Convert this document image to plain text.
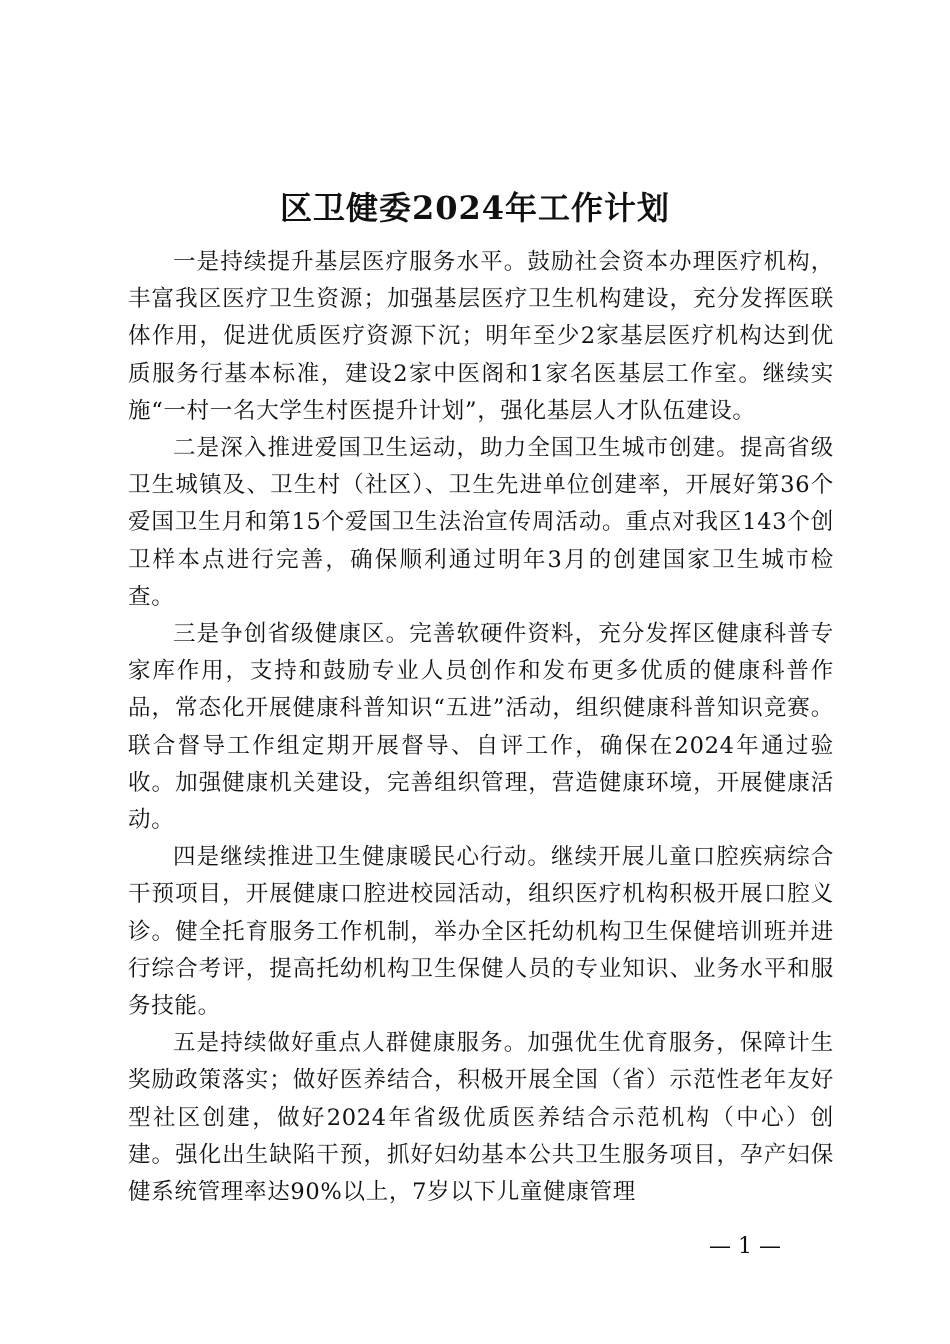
区卫健委2024年工作计划

一是持续提升基层医疗服务水平。鼓励社会资本办理医疗机构，丰富我区医疗卫生资源；加强基层医疗卫生机构建设，充分发挥医联体作用，促进优质医疗资源下沉；明年至少2家基层医疗机构达到优质服务行基本标准，建设2家中医阁和1家名医基层工作室。继续实施“一村一名大学生村医提升计划”，强化基层人才队伍建设。

二是深入推进爱国卫生运动，助力全国卫生城市创建。提高省级卫生城镇及、卫生村（社区）、卫生先进单位创建率，开展好第36个爱国卫生月和第15个爱国卫生法治宣传周活动。重点对我区143个创卫样本点进行完善，确保顺利通过明年3月的创建国家卫生城市检查。

三是争创省级健康区。完善软硬件资料，充分发挥区健康科普专家库作用，支持和鼓励专业人员创作和发布更多优质的健康科普作品，常态化开展健康科普知识“五进”活动，组织健康科普知识竞赛。联合督导工作组定期开展督导、自评工作，确保在2024年通过验收。加强健康机关建设，完善组织管理，营造健康环境，开展健康活动。

四是继续推进卫生健康暖民心行动。继续开展儿童口腔疾病综合干预项目，开展健康口腔进校园活动，组织医疗机构积极开展口腔义诊。健全托育服务工作机制，举办全区托幼机构卫生保健培训班并进行综合考评，提高托幼机构卫生保健人员的专业知识、业务水平和服务技能。

五是持续做好重点人群健康服务。加强优生优育服务，保障计生奖励政策落实；做好医养结合，积极开展全国（省）示范性老年友好型社区创建，做好2024年省级优质医养结合示范机构（中心）创建。强化出生缺陷干预，抓好妇幼基本公共卫生服务项目，孕产妇保健系统管理率达90%以上，7岁以下儿童健康管理

— 1 —
